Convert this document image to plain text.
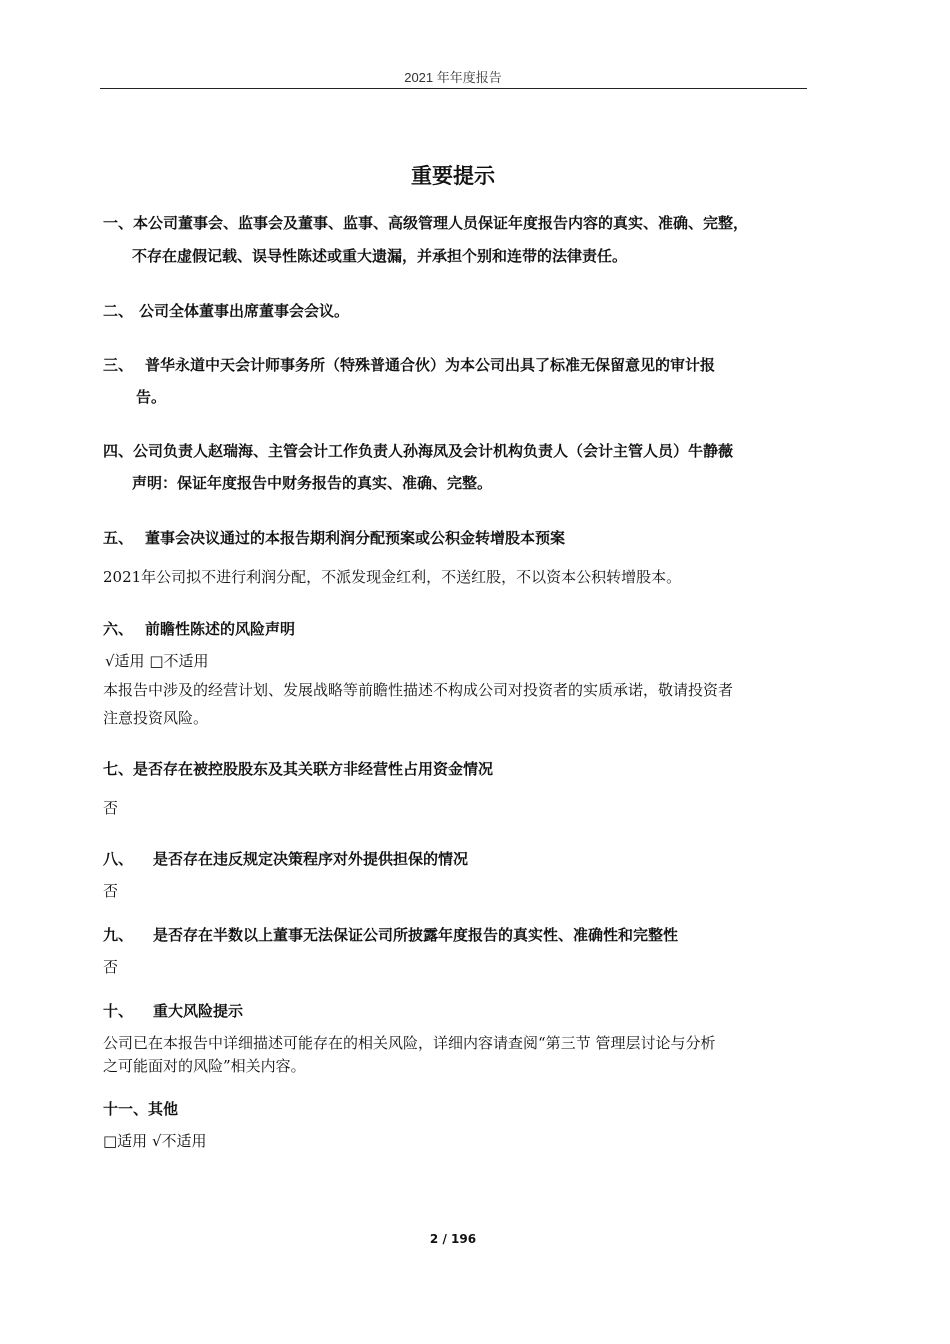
2021 年年度报告
重要提示
一、本公司董事会、监事会及董事、监事、高级管理人员保证年度报告内容的真实、准确、完整，
不存在虚假记载、误导性陈述或重大遗漏，并承担个别和连带的法律责任。
二、 公司全体董事出席董事会会议。
三、 普华永道中天会计师事务所（特殊普通合伙）为本公司出具了标准无保留意见的审计报
告。
四、公司负责人赵瑞海、主管会计工作负责人孙海凤及会计机构负责人（会计主管人员）牛静薇
声明：保证年度报告中财务报告的真实、准确、完整。
五、 董事会决议通过的本报告期利润分配预案或公积金转增股本预案
2021年公司拟不进行利润分配，不派发现金红利，不送红股，不以资本公积转增股本。
六、 前瞻性陈述的风险声明
√适用 □不适用
本报告中涉及的经营计划、发展战略等前瞻性描述不构成公司对投资者的实质承诺，敬请投资者
注意投资风险。
七、是否存在被控股股东及其关联方非经营性占用资金情况
否
八、 是否存在违反规定决策程序对外提供担保的情况
否
九、 是否存在半数以上董事无法保证公司所披露年度报告的真实性、准确性和完整性
否
十、 重大风险提示
公司已在本报告中详细描述可能存在的相关风险，详细内容请查阅“第三节 管理层讨论与分析
之可能面对的风险”相关内容。
十一、其他
□适用 √不适用
2 / 196
